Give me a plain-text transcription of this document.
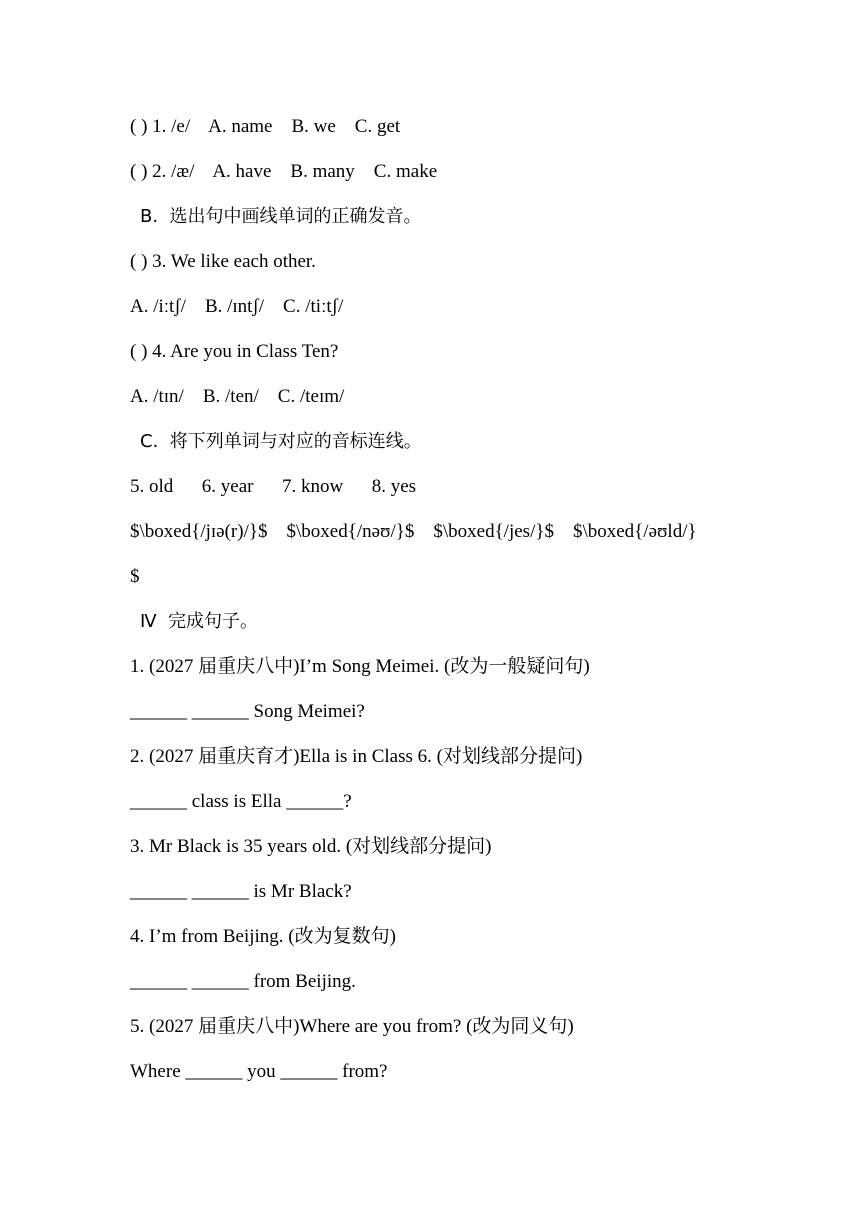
( ) 1. /e/    A. name    B. we    C. get
( ) 2. /æ/    A. have    B. many    C. make
B.  选出句中画线单词的正确发音。
( ) 3. We like each other.
A. /iːtʃ/    B. /ɪntʃ/    C. /tiːtʃ/
( ) 4. Are you in Class Ten?
A. /tɪn/    B. /ten/    C. /teɪm/
C.  将下列单词与对应的音标连线。
5. old      6. year      7. know      8. yes
$\boxed{/jɪə(r)/}$    $\boxed{/nəʊ/}$    $\boxed{/jes/}$    $\boxed{/əʊld/}
$
Ⅳ  完成句子。
1. (2027 届重庆八中)I’m Song Meimei. (改为一般疑问句)
______ ______ Song Meimei?
2. (2027 届重庆育才)Ella is in Class 6. (对划线部分提问)
______ class is Ella ______?
3. Mr Black is 35 years old. (对划线部分提问)
______ ______ is Mr Black?
4. I’m from Beijing. (改为复数句)
______ ______ from Beijing.
5. (2027 届重庆八中)Where are you from? (改为同义句)
Where ______ you ______ from?
